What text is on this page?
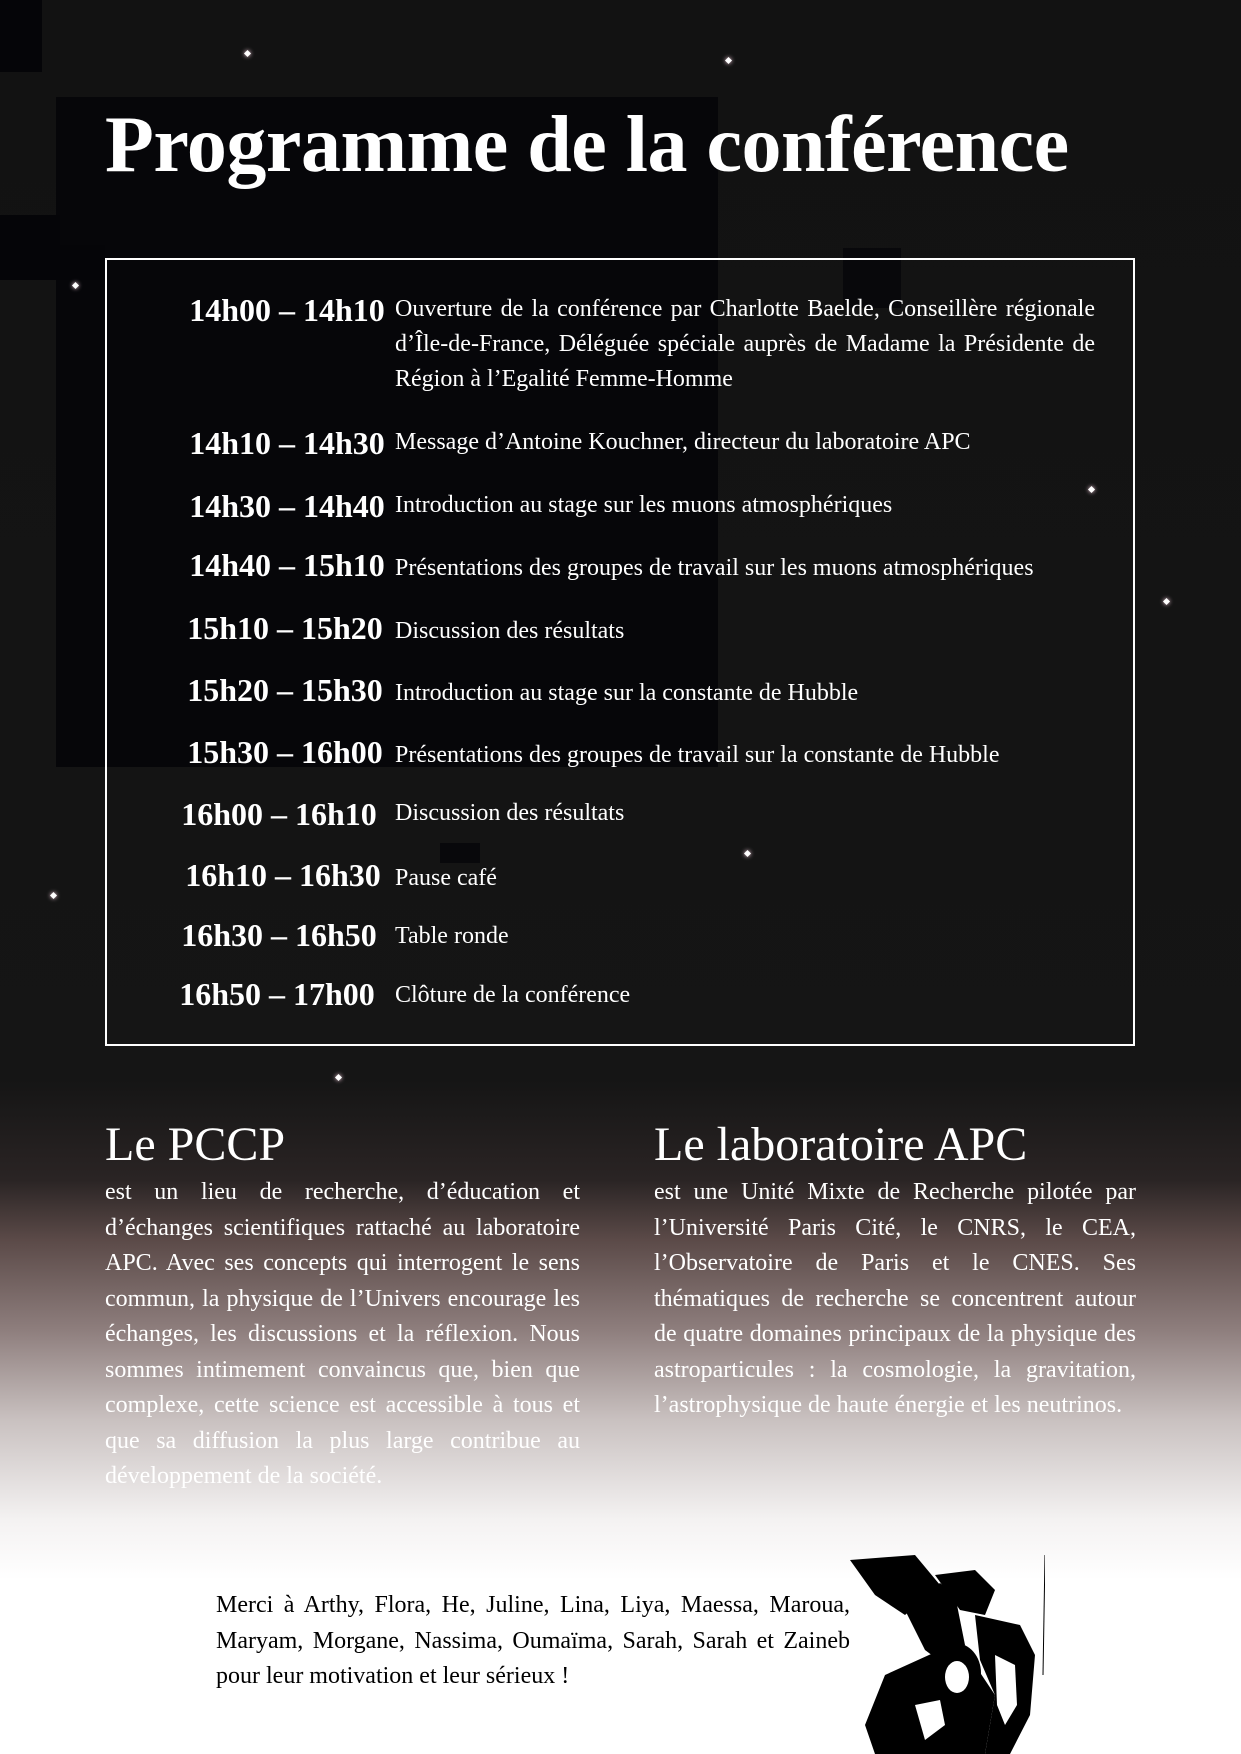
Programme de la conférence
14h00 – 14h10 Ouverture de la conférence par Charlotte Baelde, Conseillère régionale d’Île-de-France, Déléguée spéciale auprès de Madame la Présidente de Région à l’Egalité Femme-Homme
14h10 – 14h30 Message d’Antoine Kouchner, directeur du laboratoire APC
14h30 – 14h40 Introduction au stage sur les muons atmosphériques
14h40 – 15h10 Présentations des groupes de travail sur les muons atmosphériques
15h10 – 15h20 Discussion des résultats
15h20 – 15h30 Introduction au stage sur la constante de Hubble
15h30 – 16h00 Présentations des groupes de travail sur la constante de Hubble
16h00 – 16h10 Discussion des résultats
16h10 – 16h30 Pause café
16h30 – 16h50 Table ronde
16h50 – 17h00 Clôture de la conférence
Le PCCP

est un lieu de recherche, d’éducation et d’échanges scientifiques rattaché au laboratoire APC. Avec ses concepts qui interrogent le sens commun, la physique de l’Univers encourage les échanges, les discussions et la réflexion. Nous sommes intimement convaincus que, bien que complexe, cette science est accessible à tous et que sa diffusion la plus large contribue au développement de la société.

Le laboratoire APC

est une Unité Mixte de Recherche pilotée par l’Université Paris Cité, le CNRS, le CEA, l’Observatoire de Paris et le CNES. Ses thématiques de recherche se concentrent autour de quatre domaines principaux de la physique des astroparticules : la cosmologie, la gravitation, l’astrophysique de haute énergie et les neutrinos.

Merci à Arthy, Flora, He, Juline, Lina, Liya, Maessa, Maroua, Maryam, Morgane, Nassima, Oumaïma, Sarah, Sarah et Zaineb pour leur motivation et leur sérieux !
